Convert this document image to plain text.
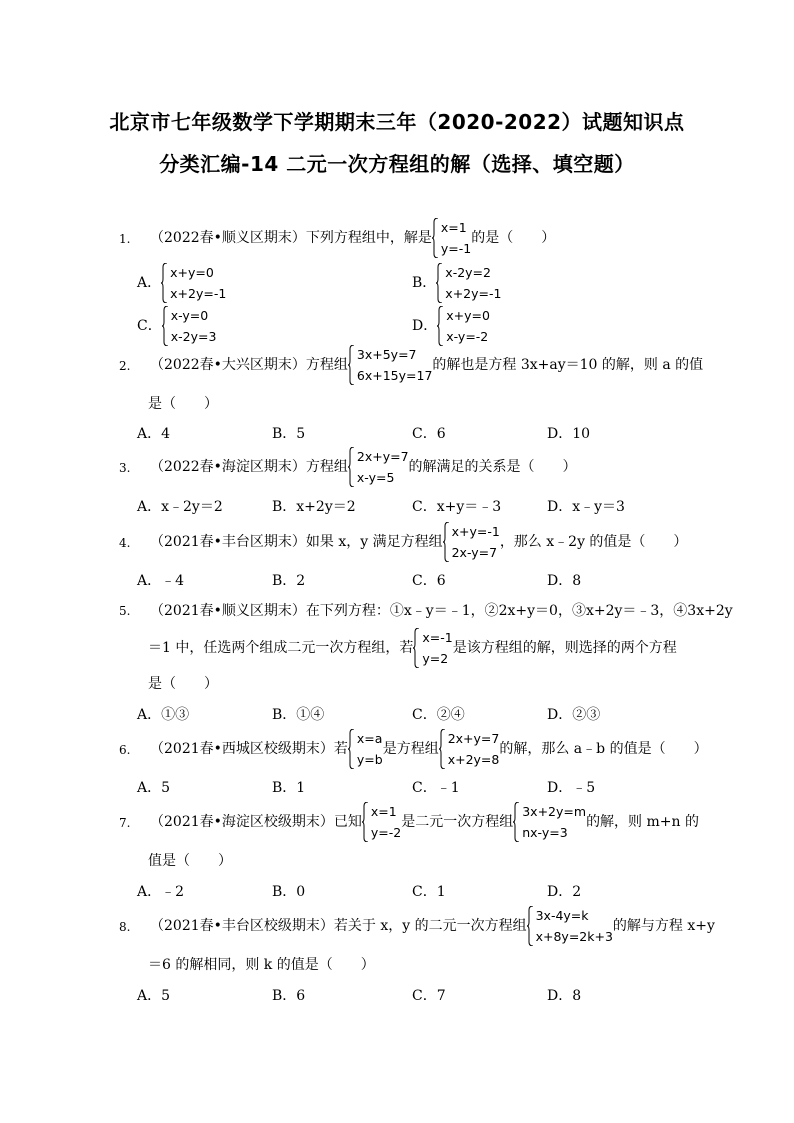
北京市七年级数学下学期期末三年（2020-2022）试题知识点
分类汇编-14 二元一次方程组的解（选择、填空题）
1. （2022春•顺义区期末）下列方程组中，解是
x=1
y=-1
的是（　　）
A．
x+y=0
x+2y=-1
B．
x-2y=2
x+2y=-1
C．
x-y=0
x-2y=3
D．
x+y=0
x-y=-2
2. （2022春•大兴区期末）方程组
3x+5y=7
6x+15y=17
的解也是方程 3x+ay＝10 的解，则 a 的值
是（　　）
A．4	B．5	C．6	D．10
3. （2022春•海淀区期末）方程组
2x+y=7
x-y=5
的解满足的关系是（　　）
A．x﹣2y＝2	B．x+2y＝2	C．x+y＝﹣3	D．x﹣y＝3
4. （2021春•丰台区期末）如果 x，y 满足方程组
x+y=-1
2x-y=7
，那么 x﹣2y 的值是（　　）
A．﹣4	B．2	C．6	D．8
5. （2021春•顺义区期末）在下列方程：①x﹣y＝﹣1，②2x+y＝0，③x+2y＝﹣3，④3x+2y
＝1 中，任选两个组成二元一次方程组，若
x=-1
y=2
是该方程组的解，则选择的两个方程
是（　　）
A．①③	B．①④	C．②④	D．②③
6. （2021春•西城区校级期末）若
x=a
y=b
是方程组
2x+y=7
x+2y=8
的解，那么 a﹣b 的值是（　　）
A．5	B．1	C．﹣1	D．﹣5
7. （2021春•海淀区校级期末）已知
x=1
y=-2
是二元一次方程组
3x+2y=m
nx-y=3
的解，则 m+n 的
值是（　　）
A．﹣2	B．0	C．1	D．2
8. （2021春•丰台区校级期末）若关于 x，y 的二元一次方程组
3x-4y=k
x+8y=2k+3
的解与方程 x+y
＝6 的解相同，则 k 的值是（　　）
A．5	B．6	C．7	D．8
